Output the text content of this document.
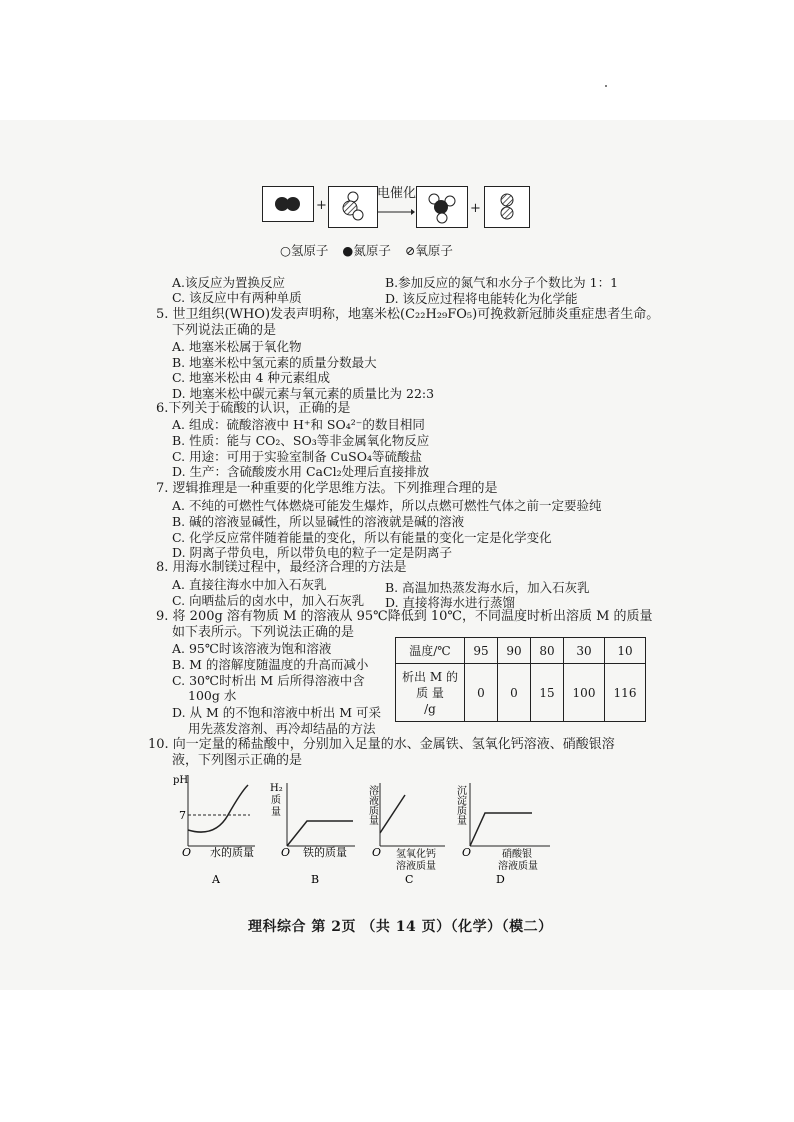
+
电催化
+
○氢原子 ●氮原子 ⊘氧原子
A.该反应为置换反应	B.参加反应的氮气和水分子个数比为 1：1
C. 该反应中有两种单质	D. 该反应过程将电能转化为化学能
5. 世卫组织(WHO)发表声明称，地塞米松(C₂₂H₂₉FO₅)可挽救新冠肺炎重症患者生命。
下列说法正确的是
A. 地塞米松属于氧化物
B. 地塞米松中氢元素的质量分数最大
C. 地塞米松由 4 种元素组成
D. 地塞米松中碳元素与氧元素的质量比为 22:3
6.下列关于硫酸的认识，正确的是
A. 组成：硫酸溶液中 H⁺和 SO₄²⁻的数目相同
B. 性质：能与 CO₂、SO₃等非金属氧化物反应
C. 用途：可用于实验室制备 CuSO₄等硫酸盐
D. 生产：含硫酸废水用 CaCl₂处理后直接排放
7. 逻辑推理是一种重要的化学思维方法。下列推理合理的是
A. 不纯的可燃性气体燃烧可能发生爆炸，所以点燃可燃性气体之前一定要验纯
B. 碱的溶液显碱性，所以显碱性的溶液就是碱的溶液
C. 化学反应常伴随着能量的变化，所以有能量的变化一定是化学变化
D. 阴离子带负电，所以带负电的粒子一定是阴离子
8. 用海水制镁过程中，最经济合理的方法是
A. 直接往海水中加入石灰乳	B. 高温加热蒸发海水后，加入石灰乳
C. 向晒盐后的卤水中，加入石灰乳 D. 直接将海水进行蒸馏
9. 将 200g 溶有物质 M 的溶液从 95℃降低到 10℃，不同温度时析出溶质 M 的质量
如下表所示。下列说法正确的是
A. 95℃时该溶液为饱和溶液
B. M 的溶解度随温度的升高而减小
C. 30℃时析出 M 后所得溶液中含
100g 水
D. 从 M 的不饱和溶液中析出 M 可采
用先蒸发溶剂、再冷却结晶的方法
温度/℃	95	90	80	30	10

析出 M 的
质 量
/g	0	0	15	100	116
10. 向一定量的稀盐酸中，分别加入足量的水、金属铁、氢氧化钙溶液、硝酸银溶
液，下列图示正确的是
pH
7
O 水的质量
A
H₂
质
量
O 铁的质量
B
溶液质量
O 氢氧化钙
溶液质量
C
沉淀质量
O	硝酸银
溶液质量
D
理科综合 第 2页 （共 14 页）（化学）（模二）
